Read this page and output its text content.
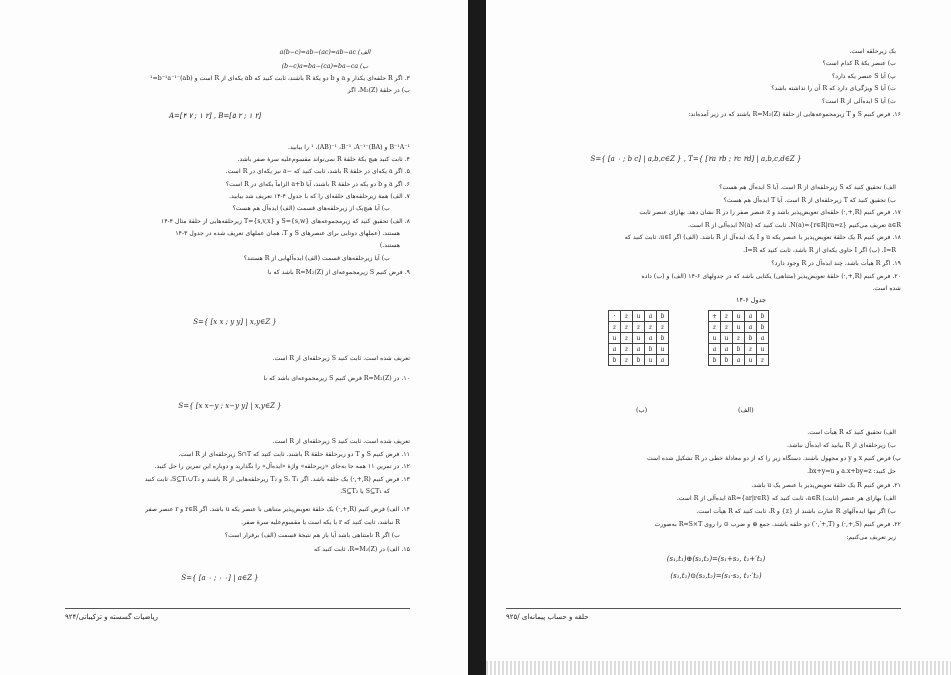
a(b−c)=ab−(ac)=ab−ac (الف
(b−c)a=ba−(ca)=ba−ca (ب
۳. اگر R حلقه‌ای یکدار و a و b دو یکهٔ R باشند، ثابت کنید که ab یکه‌ای از R است و (ab)⁻¹=b⁻¹a⁻¹
ب) در حلقهٔ M₂(Z)، اگر
A=[۴ ۷ ; ۱ ۲] , B=[۵ ۲ ; ۱ ۲]
B⁻¹A⁻¹ و (BA)⁻¹ ،(AB)⁻¹ ،B⁻¹ ،A⁻¹ را بیابید.
۴. ثابت کنید هیچ یکهٔ حلقهٔ R نمی‌تواند مقسوم‌علیه سرهٔ صفر باشد.
۵. اگر a یکه‌ای در حلقهٔ R باشد، ثابت کنید که −a نیز یکه‌ای در R است.
۶. اگر a و b دو یکه در حلقهٔ R باشند، آیا a+b الزاماً یکه‌ای در R است؟
۷. الف) همهٔ زیرحلقه‌های حلقه‌ای را که با جدول ۴-۱۴ تعریف شد بیابید.
ب) آیا هیچ‌یک از زیرحلقه‌های قسمت (الف) ایده‌آل هم هست؟
۸. الف) تحقیق کنید که زیرمجموعه‌های S={s,w} و T={s,v,x} زیرحلقه‌هایی از حلقهٔ مثال ۴-۱۴
هستند. (عملهای دوتایی برای عنصرهای S و T، همان عملهای تعریف شده در جدول ۳-۱۴
هستند.)
ب) آیا زیرحلقه‌های قسمت (الف) ایده‌آلهایی از R هستند؟
۹. فرض کنیم S زیرمجموعه‌ای از R=M₂(Z) باشد که با
S={ [x x ; y y] | x,y∈Z }
تعریف شده است. ثابت کنید S زیرحلقه‌ای از R است.
۱۰. در R=M₂(Z) فرض کنیم S زیرمجموعه‌ای باشد که با
S={ [x x−y ; x−y y] | x,y∈Z }
تعریف شده است. ثابت کنید S زیرحلقه‌ای از R است.
۱۱. فرض کنیم S و T دو زیرحلقهٔ حلقهٔ R باشند. ثابت کنید که S∩T زیرحلقه‌ای از R است.
۱۲. در تمرین ۱۱ همه جا به‌جای «زیرحلقه» واژهٔ «ایده‌آل» را بگذارید و دوباره این تمرین را حل کنید.
۱۳. فرض کنیم (R,+,·) یک حلقه باشد. اگر S، T₁ و T₂ زیرحلقه‌هایی از R باشند و S⊆T₁∪T₂، ثابت کنید
که S⊆T₁ یا S⊆T₂.
۱۴. الف) فرض کنیم (R,+,·) یک حلقهٔ تعویض‌پذیر متناهی با عنصر یکه u باشد. اگر r∈R و r عنصر صفر
R نباشد، ثابت کنید که r یا یکه است یا مقسوم‌علیه سرهٔ صفر.
ب) اگر R نامتناهی باشد آیا باز هم نتیجهٔ قسمت (الف) برقرار است؟
۱۵. الف) در R=M₂(Z)، ثابت کنید که
S={ [a ۰ ; ۰ ۰] | a∈Z }
۹۲۴/ریاضیات گسسته و ترکیباتی
یک زیرحلقه است.
ب) عنصر یکهٔ R کدام است؟
پ) آیا S عنصر یکه دارد؟
ت) آیا S ویژگی‌ای دارد که R آن را نداشته باشد؟
ث) آیا S ایده‌آلی از R است؟
۱۶. فرض کنیم S و T زیرمجموعه‌هایی از حلقهٔ R=M₂(Z) باشند که در زیر آمده‌اند:
S={ [a ۰ ; b c] | a,b,c∈Z } , T={ [۲a ۲b ; ۲c ۲d] | a,b,c,d∈Z }
الف) تحقیق کنید که S زیرحلقه‌ای از R است. آیا S ایده‌آل هم هست؟
ب) تحقیق کنید که T زیرحلقه‌ای از R است. آیا T ایده‌آل هم هست؟
۱۷. فرض کنیم (R,+,·) حلقه‌ای تعویض‌پذیر باشد و z عنصر صفر را در R نشان دهد. بهازای عنصر ثابت
a∈R تعریف می‌کنیم N(a)={r∈R|ra=z}. ثابت کنید که N(a) ایده‌آلی از R است.
۱۸. فرض کنیم R یک حلقهٔ تعویض‌پذیر با عنصر یکه u و I یک ایده‌آل از R باشد. (الف) اگر u∈I، ثابت کنید که
I=R. (ب) اگر I حاوی یکه‌ای از R باشد، ثابت کنید که I=R.
۱۹. اگر R هیأت باشد، چند ایده‌آل در R وجود دارد؟
۲۰. فرض کنیم (R,+,·) حلقهٔ تعویض‌پذیر (متناهی) یکتایی باشد که در جدولهای ۶-۱۴ (الف) و (ب) داده
شده است.
الف) تحقیق کنید که R هیأت است.
ب) زیرحلقه‌ای از R بیابید که ایده‌آل نباشد.
پ) فرض کنیم x و y دو مجهول باشند. دستگاه زیر را که از دو معادلهٔ خطی در R تشکیل شده است
حل کنید: a.x+by=z و bx+y=u.
۲۱. فرض کنیم R یک حلقهٔ تعویض‌پذیر با عنصر یک u باشد.
الف) بهازای هر عنصر (ثابت) a∈R، ثابت کنید که aR={ar|r∈R} ایده‌آلی از R است.
ب) اگر تنها ایده‌آلهای R عبارت باشند از {z} و R، ثابت کنید که R هیأت است.
۲۲. فرض کنیم (S,+,·) و (T,+′,·′) دو حلقه باشند. جمع ⊕ و ضرب ⊙ را روی R=S×T به‌صورت
زیر تعریف می‌کنیم:
(s₁,t₁)⊕(s₂,t₂)=(s₁+s₂, t₁+′t₂)
(s₁,t₁)⊙(s₂,t₂)=(s₁·s₂, t₁·′t₂)
جدول ۶-۱۴
·	z	u	a	b
z	z	z	z	z
u	z	u	a	b
a	z	a	b	u
b	z	b	u	a
+	z	u	a	b
z	z	u	a	b
u	u	z	b	a
a	a	b	z	u
b	b	a	u	z
(ب)	(الف)
حلقه و حساب پیمانه‌ای /۹۲۵
